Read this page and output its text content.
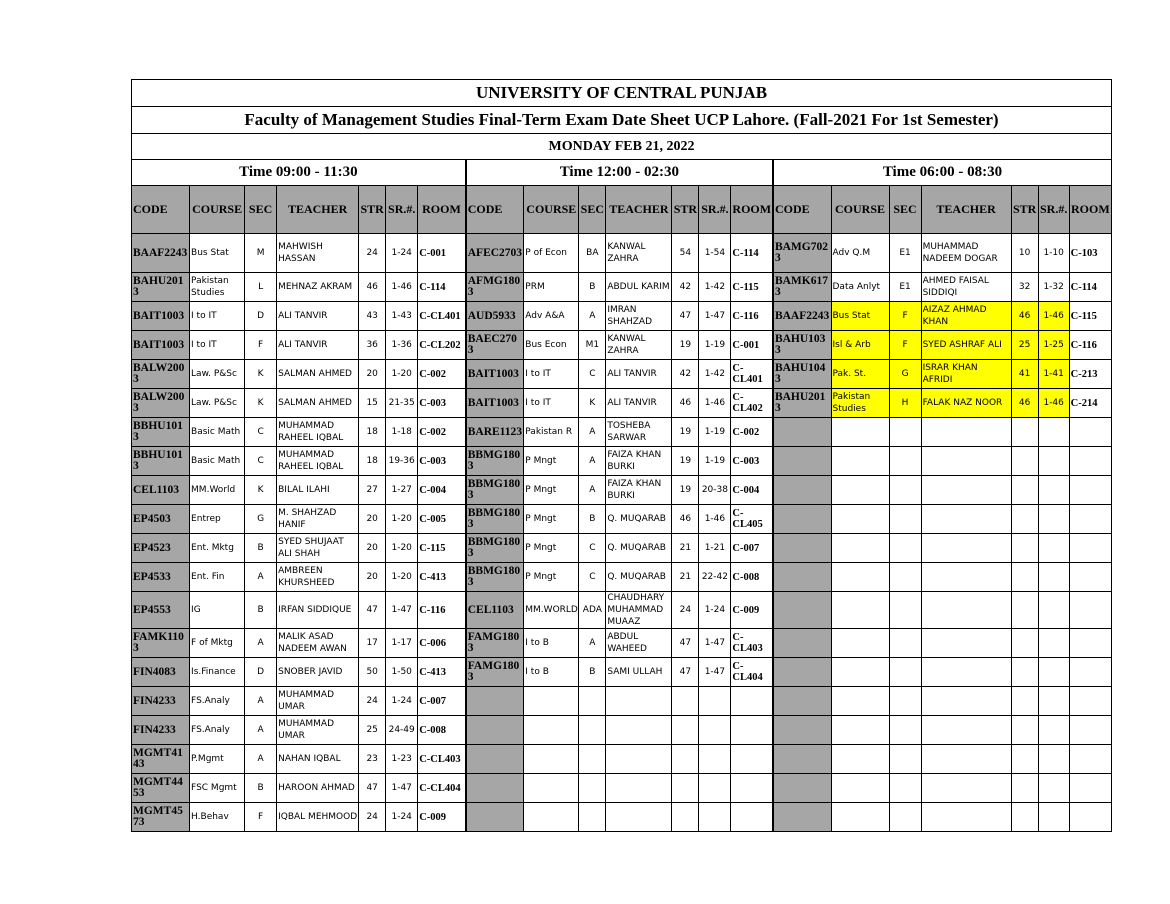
UNIVERSITY OF CENTRAL PUNJAB																				
Faculty of Management Studies Final-Term Exam Date Sheet UCP Lahore. (Fall-2021 For 1st Semester)																				
MONDAY FEB 21, 2022																				
Time 09:00 - 11:30							Time 12:00 - 02:30							Time 06:00 - 08:30						
CODE	COURSE	SEC	TEACHER	STR	SR.#.	ROOM	CODE	COURSE	SEC	TEACHER	STR	SR.#.	ROOM	CODE	COURSE	SEC	TEACHER	STR	SR.#.	ROOM
BAAF2243	Bus Stat	M	MAHWISH HASSAN	24	1-24	C-001	AFEC2703	P of Econ	BA	KANWAL ZAHRA	54	1-54	C-114	BAMG7023	Adv Q.M	E1	MUHAMMAD NADEEM DOGAR	10	1-10	C-103
BAHU2013	Pakistan Studies	L	MEHNAZ AKRAM	46	1-46	C-114	AFMG1803	PRM	B	ABDUL KARIM	42	1-42	C-115	BAMK6173	Data Anlyt	E1	AHMED FAISAL SIDDIQI	32	1-32	C-114
BAIT1003	I to IT	D	ALI TANVIR	43	1-43	C-CL401	AUD5933	Adv A&A	A	IMRAN SHAHZAD	47	1-47	C-116	BAAF2243	Bus Stat	F	AIZAZ AHMAD KHAN	46	1-46	C-115
BAIT1003	I to IT	F	ALI TANVIR	36	1-36	C-CL202	BAEC2703	Bus Econ	M1	KANWAL ZAHRA	19	1-19	C-001	BAHU1033	Isl & Arb	F	SYED ASHRAF ALI	25	1-25	C-116
BALW2003	Law. P&Sc	K	SALMAN AHMED	20	1-20	C-002	BAIT1003	I to IT	C	ALI TANVIR	42	1-42	C-CL401	BAHU1043	Pak. St.	G	ISRAR KHAN AFRIDI	41	1-41	C-213
BALW2003	Law. P&Sc	K	SALMAN AHMED	15	21-35	C-003	BAIT1003	I to IT	K	ALI TANVIR	46	1-46	C-CL402	BAHU2013	Pakistan Studies	H	FALAK NAZ NOOR	46	1-46	C-214
BBHU1013	Basic Math	C	MUHAMMAD RAHEEL IQBAL	18	1-18	C-002	BARE1123	Pakistan R	A	TOSHEBA SARWAR	19	1-19	C-002							
BBHU1013	Basic Math	C	MUHAMMAD RAHEEL IQBAL	18	19-36	C-003	BBMG1803	P Mngt	A	FAIZA KHAN BURKI	19	1-19	C-003							
CEL1103	MM.World	K	BILAL ILAHI	27	1-27	C-004	BBMG1803	P Mngt	A	FAIZA KHAN BURKI	19	20-38	C-004							
EP4503	Entrep	G	M. SHAHZAD HANIF	20	1-20	C-005	BBMG1803	P Mngt	B	Q. MUQARAB	46	1-46	C-CL405							
EP4523	Ent. Mktg	B	SYED SHUJAAT ALI SHAH	20	1-20	C-115	BBMG1803	P Mngt	C	Q. MUQARAB	21	1-21	C-007							
EP4533	Ent. Fin	A	AMBREEN KHURSHEED	20	1-20	C-413	BBMG1803	P Mngt	C	Q. MUQARAB	21	22-42	C-008							
EP4553	IG	B	IRFAN SIDDIQUE	47	1-47	C-116	CEL1103	MM.WORLD	ADA	CHAUDHARY MUHAMMAD MUAAZ	24	1-24	C-009							
FAMK1103	F of Mktg	A	MALIK ASAD NADEEM AWAN	17	1-17	C-006	FAMG1803	I to B	A	ABDUL WAHEED	47	1-47	C-CL403							
FIN4083	Is.Finance	D	SNOBER JAVID	50	1-50	C-413	FAMG1803	I to B	B	SAMI ULLAH	47	1-47	C-CL404							
FIN4233	FS.Analy	A	MUHAMMAD UMAR	24	1-24	C-007														
FIN4233	FS.Analy	A	MUHAMMAD UMAR	25	24-49	C-008														
MGMT4143	P.Mgmt	A	NAHAN IQBAL	23	1-23	C-CL403														
MGMT4453	FSC Mgmt	B	HAROON AHMAD	47	1-47	C-CL404														
MGMT4573	H.Behav	F	IQBAL MEHMOOD	24	1-24	C-009														
